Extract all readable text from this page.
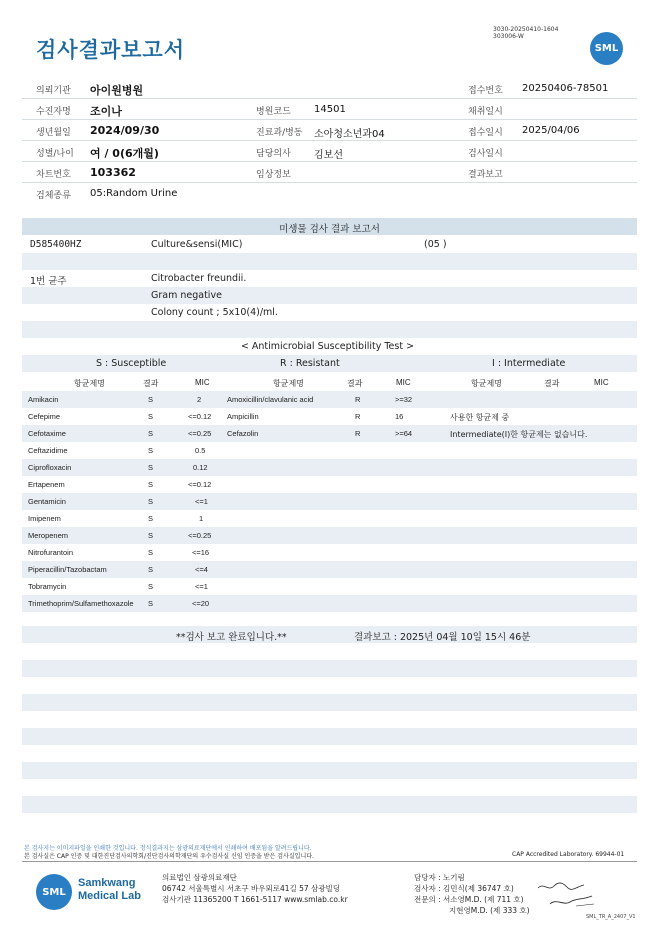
검사결과보고서
3030-20250410-1604
303006-W
SML
의뢰기관 아이원병원	접수번호 20250406-78501
수진자명 조이나	병원코드 14501	채취일시
생년월일 2024/09/30	진료과/병동 소아청소년과04	접수일시 2025/04/06
성별/나이 여 / 0(6개월)	담당의사 김보선	검사일시
차트번호 103362	임상정보	결과보고
검체종류 05:Random Urine
미생물 검사 결과 보고서
D585400HZ	Culture&sensi(MIC)	(05 )
1번 균주	Citrobacter freundii.
Gram negative
Colony count ; 5x10(4)/ml.
< Antimicrobial Susceptibility Test >
S : Susceptible	R : Resistant	I : Intermediate
항균제명	결과	MIC	항균제명	결과	MIC	항균제명	결과	MIC
Amikacin	S	2	Amoxicillin/clavulanic acid	R	>=32
Cefepime	S	<=0.12 Ampicillin	R	16	사용한 항균제 중
Cefotaxime	S	<=0.25 Cefazolin	R	>=64	Intermediate(I)한 항균제는 없습니다.
Ceftazidime	S	0.5
Ciprofloxacin	S	0.12
Ertapenem	S	<=0.12
Gentamicin	S	<=1
Imipenem	S	1
Meropenem	S	<=0.25
Nitrofurantoin	S	<=16
Piperacillin/Tazobactam	S	<=4
Tobramycin	S	<=1
Trimethoprim/Sulfamethoxazole S	<=20
**검사 보고 완료입니다.**	결과보고 : 2025년 04월 10일 15시 46분
본 검사지는 이미지파일을 인쇄한 것입니다. 정식결과지는 삼광의료재단에서 인쇄하여 배포됨을 알려드립니다.
본 검사실은 CAP 인증 및 대한진단검사의학회/진단검사의학재단의 우수검사실 신임 인증을 받은 검사실입니다.	CAP Accredited Laboratory. 69944-01
SML
Samkwang
Medical Lab
의료법인 삼광의료재단
06742 서울특별시 서초구 바우뫼로41길 57 삼광빌딩
검사기관 11365200 T 1661-5117 www.smlab.co.kr
담당자 : 노기림
검사자 : 김민식(제 36747 호)
전문의 : 서소영M.D. (제 711 호)
지현영M.D. (제 333 호)
SML_TR_A_2407_V1
